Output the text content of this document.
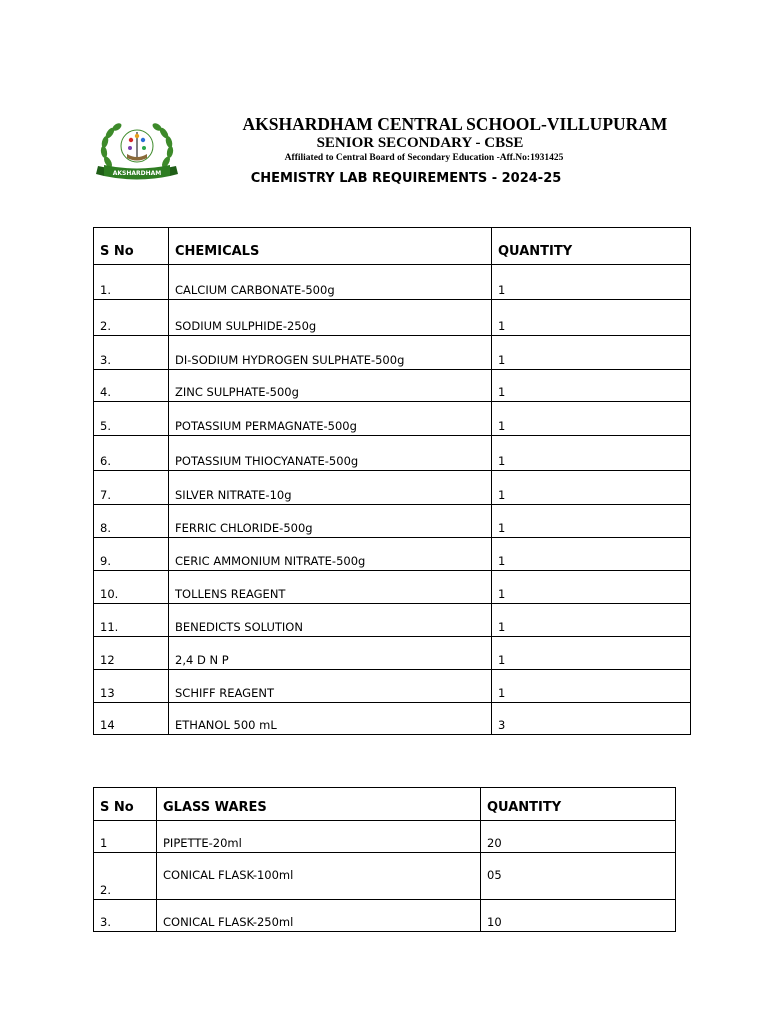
AKSHARDHAM
AKSHARDHAM CENTRAL SCHOOL-VILLUPURAM
SENIOR SECONDARY - CBSE
Affiliated to Central Board of Secondary Education -Aff.No:1931425
CHEMISTRY LAB REQUIREMENTS - 2024-25
S No	CHEMICALS	QUANTITY
1.	CALCIUM CARBONATE-500g	1
2.	SODIUM SULPHIDE-250g	1
3.	DI-SODIUM HYDROGEN SULPHATE-500g	1
4.	ZINC SULPHATE-500g	1
5.	POTASSIUM PERMAGNATE-500g	1
6.	POTASSIUM THIOCYANATE-500g	1
7.	SILVER NITRATE-10g	1
8.	FERRIC CHLORIDE-500g	1
9.	CERIC AMMONIUM NITRATE-500g	1
10.	TOLLENS REAGENT	1
11.	BENEDICTS SOLUTION	1
12	2,4 D N P	1
13	SCHIFF REAGENT	1
14	ETHANOL 500 mL	3
S No	GLASS WARES	QUANTITY
1	PIPETTE-20ml	20
2.	CONICAL FLASK-100ml	05
3.	CONICAL FLASK-250ml	10
